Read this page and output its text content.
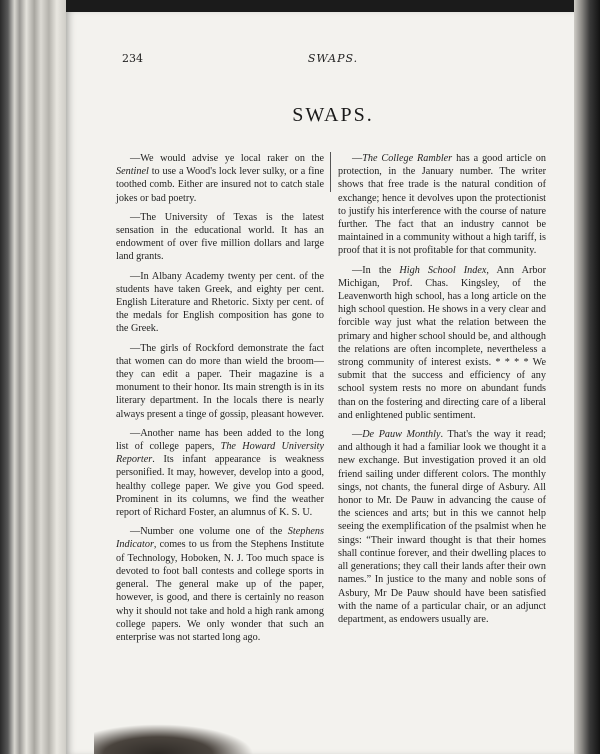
234	SWAPS.
SWAPS.

—We would advise ye local raker on the Sentinel to use a Wood's lock lever sulky, or a fine toothed comb. Either are insured not to catch stale jokes or bad poetry.

—The University of Texas is the latest sensation in the educational world. It has an endowment of over five million dollars and large land grants.

—In Albany Academy twenty per cent. of the students have taken Greek, and eighty per cent. English Literature and Rhetoric. Sixty per cent. of the medals for English composition has gone to the Greek.

—The girls of Rockford demonstrate the fact that women can do more than wield the broom—they can edit a paper. Their magazine is a monument to their honor. Its main strength is in its literary department. In the locals there is nearly always present a tinge of gossip, pleasant however.

—Another name has been added to the long list of college papers, The Howard University Reporter. Its infant appearance is weakness personified. It may, however, develop into a good, healthy college paper. We give you God speed. Prominent in its columns, we find the weather report of Richard Foster, an alumnus of K. S. U.

—Number one volume one of the Stephens Indicator, comes to us from the Stephens Institute of Technology, Hoboken, N. J. Too much space is devoted to foot ball contests and college sports in general. The general make up of the paper, however, is good, and there is certainly no reason why it should not take and hold a high rank among college papers. We only wonder that such an enterprise was not started long ago.

—The College Rambler has a good article on protection, in the January number. The writer shows that free trade is the natural condition of exchange; hence it devolves upon the protectionist to justify his interference with the course of nature further. The fact that an industry cannot be maintained in a community without a high tariff, is proof that it is not profitable for that community.

—In the High School Index, Ann Arbor Michigan, Prof. Chas. Kingsley, of the Leavenworth high school, has a long article on the high school question. He shows in a very clear and forcible way just what the relation between the primary and higher school should be, and although the relations are often incomplete, nevertheless a strong community of interest exists. * * * * We submit that the success and efficiency of any school system rests no more on abundant funds than on the fostering and directing care of a liberal and enlightened public sentiment.

—De Pauw Monthly. That's the way it read; and although it had a familiar look we thought it a new exchange. But investigation proved it an old friend sailing under different colors. The monthly sings, not chants, the funeral dirge of Asbury. All honor to Mr. De Pauw in advancing the cause of the sciences and arts; but in this we cannot help seeing the exemplification of the psalmist when he sings: “Their inward thought is that their homes shall continue forever, and their dwelling places to all generations; they call their lands after their own names.” In justice to the many and noble sons of Asbury, Mr De Pauw should have been satisfied with the name of a particular chair, or an adjunct department, as endowers usually are.
